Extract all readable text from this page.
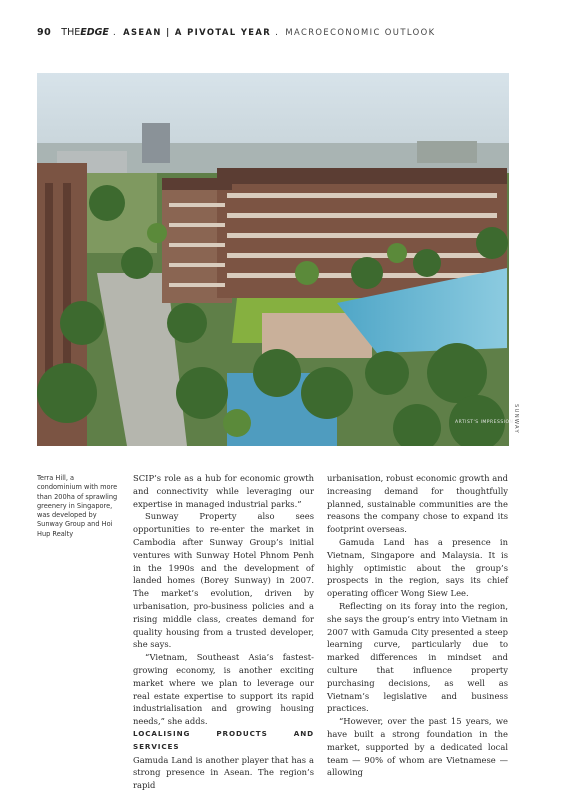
90 THEEDGE . ASEAN | A PIVOTAL YEAR . MACROECONOMIC OUTLOOK
ARTIST'S IMPRESSION SUNWAY
Terra Hill, a condominium with more than 200ha of sprawling greenery in Singapore, was developed by Sunway Group and Hoi Hup Realty

SCIP’s role as a hub for economic growth and connectivity while leveraging our expertise in managed industrial parks.”

Sunway Property also sees opportunities to re-enter the market in Cambodia after Sunway Group’s initial ventures with Sunway Hotel Phnom Penh in the 1990s and the development of landed homes (Borey Sunway) in 2007. The market’s evolution, driven by urbanisation, pro-business policies and a rising middle class, creates demand for quality housing from a trusted developer, she says.

“Vietnam, Southeast Asia’s fastest-growing economy, is another exciting market where we plan to leverage our real estate expertise to support its rapid industrialisation and growing housing needs,” she adds.

LOCALISING PRODUCTS AND SERVICES

Gamuda Land is another player that has a strong presence in Asean. The region’s rapid

urbanisation, robust economic growth and increasing demand for thoughtfully planned, sustainable communities are the reasons the company chose to expand its footprint overseas.

Gamuda Land has a presence in Vietnam, Singapore and Malaysia. It is highly optimistic about the group’s prospects in the region, says its chief operating officer Wong Siew Lee.

Reflecting on its foray into the region, she says the group’s entry into Vietnam in 2007 with Gamuda City presented a steep learning curve, particularly due to marked differences in mindset and culture that influence property purchasing decisions, as well as Vietnam’s legislative and business practices.

“However, over the past 15 years, we have built a strong foundation in the market, supported by a dedicated local team — 90% of whom are Vietnamese — allowing
